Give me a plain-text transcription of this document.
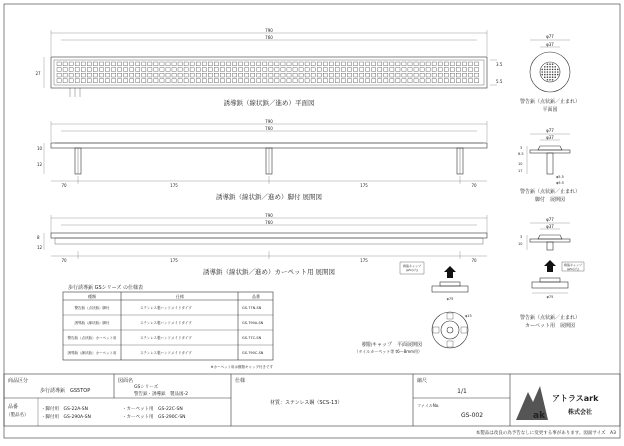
790
760
27
3.5
5.5
誘導鋲（線状鋲／進め）平面図
790
760
10
12
70	175	175	70
誘導鋲（線状鋲／進め）脚付 展開図
790
760
8
12
70	175	175	70
誘導鋲（線状鋲／進め）カーペット用 展開図
φ77
φ37
警告鋲（点状鋲／止まれ）
平面図
φ77
φ37
3
6.5
10
17
φ5.5
φ9.5
警告鋲（点状鋲／止まれ）
脚付　展開図
φ77
φ37
3
10
樹脂キャップ
(φ5の穴)
φ75
警告鋲（点状鋲／止まれ）
カーペット用　展開図
樹脂キャップ
(φ5の穴)
φ75
φ15
樹脂キャップ　平面展開図
（タイルカーペット等 t6〜8mm用）
歩行誘導鋲 GSシリーズ の仕様表
種類	仕様	品番
警告鋲（点状鋲）脚付	ステンレス製ハンドメイドタイプ	GS-77N-SN
誘導鋲（線状鋲）脚付	ステンレス製ハンドメイドタイプ	GS-790A-SN
警告鋲（点状鋲）カーペット用	ステンレス製ハンドメイドタイプ	GS-77C-SN
誘導鋲（線状鋲）カーペット用	ステンレス製ハンドメイドタイプ	GS-790C-SN
※カーペット用は樹脂キャップ付きです
商品区分
歩行誘導鋲　GS5TOP
図面名
GSシリーズ
警告鋲・誘導鋲　製品図-2
仕様
材質：ステンレス鋼（SCS-13）
品番
（製品名）
・脚付用　GS-22A-SN
・脚付用　GS-290A-SN
・カーペット用　GS-22C-SN
・カーペット用　GS-290C-SN
縮尺
1/1
ファイルNo.
GS-002	ak
アトラスark
株式会社
本製品は改良の為予告なしに変更する事があります。図面サイズ　A3
